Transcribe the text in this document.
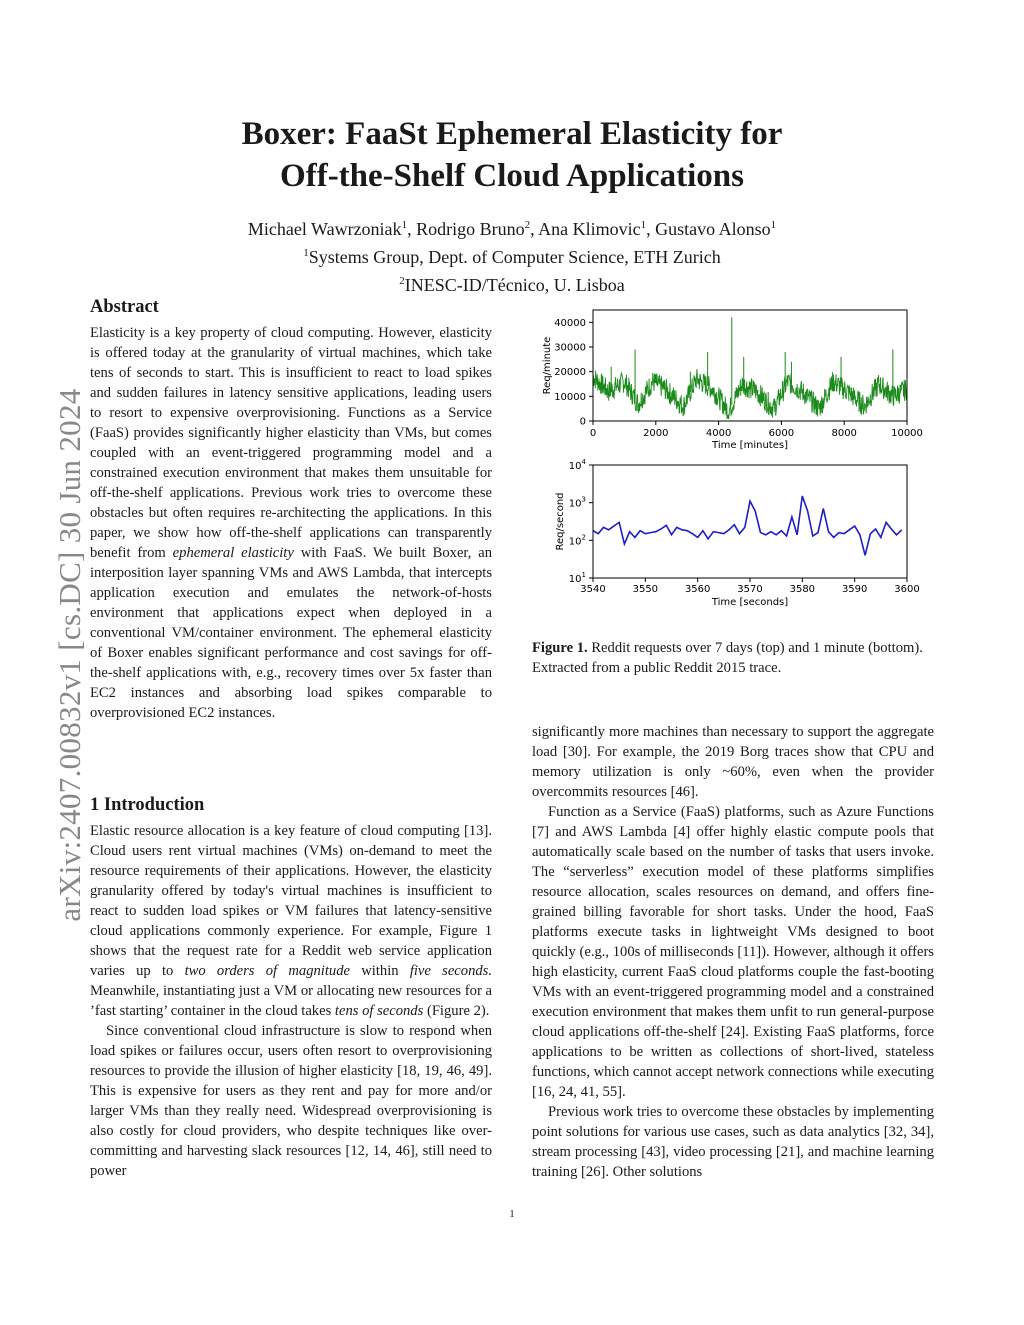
arXiv:2407.00832v1 [cs.DC] 30 Jun 2024
Boxer: FaaSt Ephemeral Elasticity for
Off-the-Shelf Cloud Applications
Michael Wawrzoniak$^1$, Rodrigo Bruno$^2$, Ana Klimovic$^1$, Gustavo Alonso$^1$
$^1$Systems Group, Dept. of Computer Science, ETH Zurich
$^2$INESC-ID/Técnico, U. Lisboa
Abstract

Elasticity is a key property of cloud computing. However, elasticity is offered today at the granularity of virtual machines, which take tens of seconds to start. This is insufficient to react to load spikes and sudden failures in latency sensitive applications, leading users to resort to expensive overprovisioning. Functions as a Service (FaaS) provides significantly higher elasticity than VMs, but comes coupled with an event-triggered programming model and a constrained execution environment that makes them unsuitable for off-the-shelf applications. Previous work tries to overcome these obstacles but often requires re-architecting the applications. In this paper, we show how off-the-shelf applications can transparently benefit from ephemeral elasticity with FaaS. We built Boxer, an interposition layer spanning VMs and AWS Lambda, that intercepts application execution and emulates the network-of-hosts environment that applications expect when deployed in a conventional VM/container environment. The ephemeral elasticity of Boxer enables significant performance and cost savings for off-the-shelf applications with, e.g., recovery times over 5x faster than EC2 instances and absorbing load spikes comparable to overprovisioned EC2 instances.

1 Introduction

Elastic resource allocation is a key feature of cloud computing [13]. Cloud users rent virtual machines (VMs) on-demand to meet the resource requirements of their applications. However, the elasticity granularity offered by today's virtual machines is insufficient to react to sudden load spikes or VM failures that latency-sensitive cloud applications commonly experience. For example, Figure 1 shows that the request rate for a Reddit web service application varies up to two orders of magnitude within five seconds. Meanwhile, instantiating just a VM or allocating new resources for a ’fast starting’ container in the cloud takes tens of seconds (Figure 2).

Since conventional cloud infrastructure is slow to respond when load spikes or failures occur, users often resort to overprovisioning resources to provide the illusion of higher elasticity [18, 19, 46, 49]. This is expensive for users as they rent and pay for more and/or larger VMs than they really need. Widespread overprovisioning is also costly for cloud providers, who despite techniques like over-committing and harvesting slack resources [12, 14, 46], still need to power

0	2000	4000	6000	8000	10000
0
10000
20000
30000
40000
Time [minutes]
Req/minute
3540	3550	3560	3570	3580	3590	3600
$10^1$
$10^2$
$10^3$
$10^4$
Time [seconds]
Req/second
Figure 1. Reddit requests over 7 days (top) and 1 minute (bottom). Extracted from a public Reddit 2015 trace.

significantly more machines than necessary to support the aggregate load [30]. For example, the 2019 Borg traces show that CPU and memory utilization is only ~60%, even when the provider overcommits resources [46].

Function as a Service (FaaS) platforms, such as Azure Functions [7] and AWS Lambda [4] offer highly elastic compute pools that automatically scale based on the number of tasks that users invoke. The “serverless” execution model of these platforms simplifies resource allocation, scales resources on demand, and offers fine-grained billing favorable for short tasks. Under the hood, FaaS platforms execute tasks in lightweight VMs designed to boot quickly (e.g., 100s of milliseconds [11]). However, although it offers high elasticity, current FaaS cloud platforms couple the fast-booting VMs with an event-triggered programming model and a constrained execution environment that makes them unfit to run general-purpose cloud applications off-the-shelf [24]. Existing FaaS platforms, force applications to be written as collections of short-lived, stateless functions, which cannot accept network connections while executing [16, 24, 41, 55].

Previous work tries to overcome these obstacles by implementing point solutions for various use cases, such as data analytics [32, 34], stream processing [43], video processing [21], and machine learning training [26]. Other solutions

1
